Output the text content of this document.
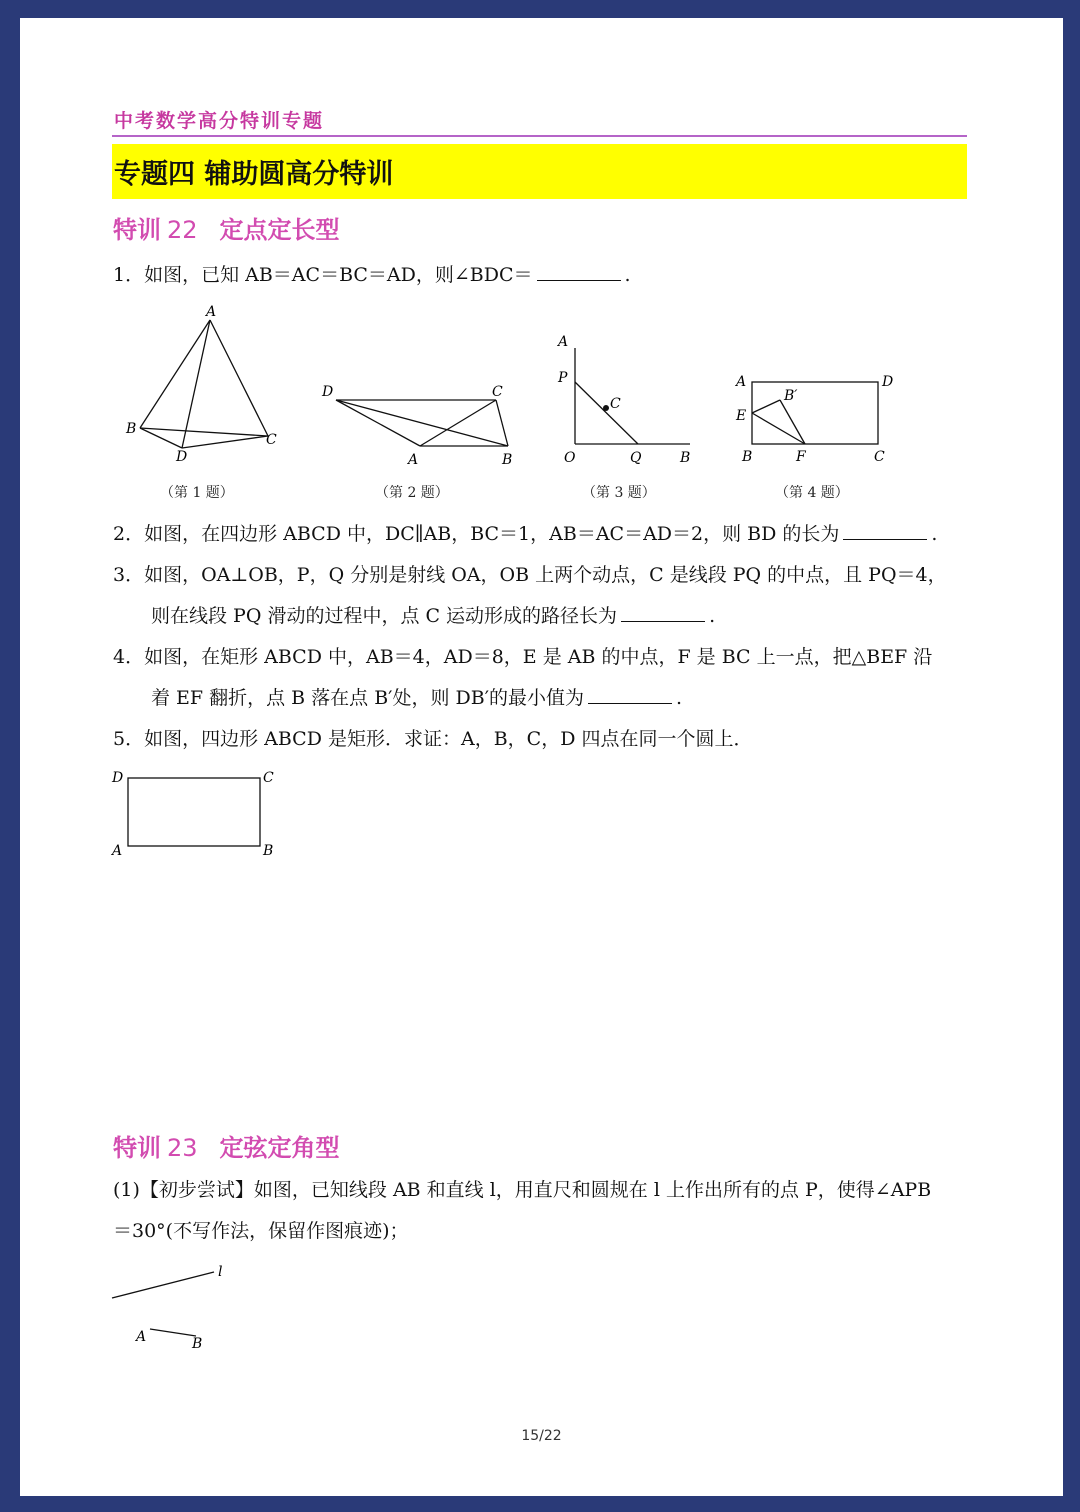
中考数学高分特训专题
专题四 辅助圆高分特训
特训 22 定点定长型
1．如图，已知 AB＝AC＝BC＝AD，则∠BDC＝	.
A
B
C
D
（第 1 题）
D	C
A	B
（第 2 题）
A
P
C
O	Q	B
（第 3 题）
A	D
B′
E
B	F	C
（第 4 题）
2．如图，在四边形 ABCD 中，DC∥AB，BC＝1，AB＝AC＝AD＝2，则 BD 的长为	.
3．如图，OA⊥OB，P，Q 分别是射线 OA，OB 上两个动点，C 是线段 PQ 的中点，且 PQ＝4，
则在线段 PQ 滑动的过程中，点 C 运动形成的路径长为	.
4．如图，在矩形 ABCD 中，AB＝4，AD＝8，E 是 AB 的中点，F 是 BC 上一点，把△BEF 沿
着 EF 翻折，点 B 落在点 B′处，则 DB′的最小值为	.
5．如图，四边形 ABCD 是矩形．求证：A，B，C，D 四点在同一个圆上．
D	C
A	B
特训 23 定弦定角型
(1)【初步尝试】如图，已知线段 AB 和直线 l，用直尺和圆规在 l 上作出所有的点 P，使得∠APB
＝30°(不写作法，保留作图痕迹)；
l
A	B
15/22
